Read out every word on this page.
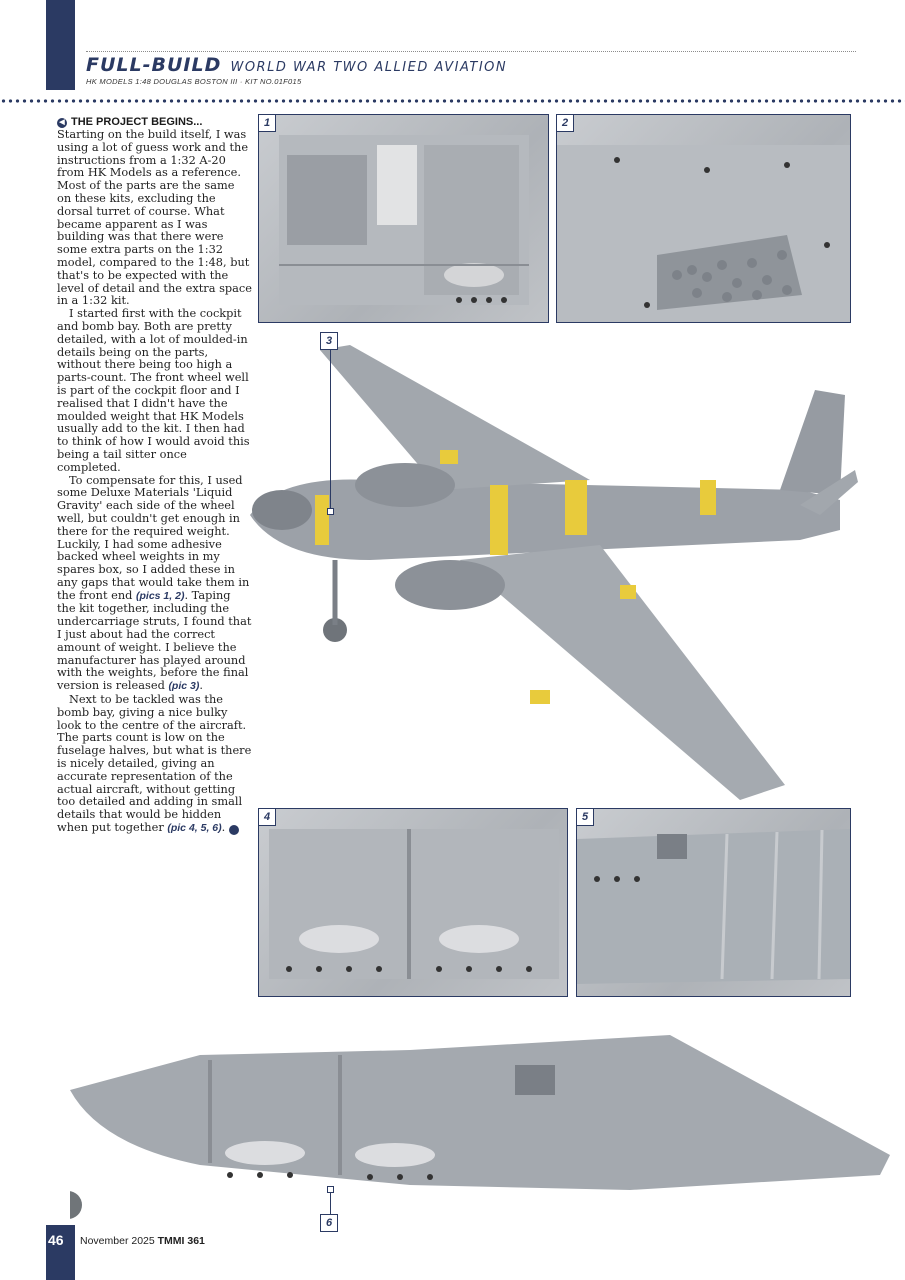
FULL-BUILD WORLD WAR TWO ALLIED AVIATION
HK MODELS 1:48 DOUGLAS BOSTON III · KIT NO.01F015
◀ THE PROJECT BEGINS...

Starting on the build itself, I was using a lot of guess work and the instructions from a 1:32 A-20 from HK Models as a reference. Most of the parts are the same on these kits, excluding the dorsal turret of course. What became apparent as I was building was that there were some extra parts on the 1:32 model, compared to the 1:48, but that's to be expected with the level of detail and the extra space in a 1:32 kit.

I started first with the cockpit and bomb bay. Both are pretty detailed, with a lot of moulded-in details being on the parts, without there being too high a parts-count. The front wheel well is part of the cockpit floor and I realised that I didn't have the moulded weight that HK Models usually add to the kit. I then had to think of how I would avoid this being a tail sitter once completed.

To compensate for this, I used some Deluxe Materials 'Liquid Gravity' each side of the wheel well, but couldn't get enough in there for the required weight. Luckily, I had some adhesive backed wheel weights in my spares box, so I added these in any gaps that would take them in the front end (pics 1, 2). Taping the kit together, including the undercarriage struts, I found that I just about had the correct amount of weight. I believe the manufacturer has played around with the weights, before the final version is released (pic 3).

Next to be tackled was the bomb bay, giving a nice bulky look to the centre of the aircraft. The parts count is low on the fuselage halves, but what is there is nicely detailed, giving an accurate representation of the actual aircraft, without getting too detailed and adding in small details that would be hidden when put together (pic 4, 5, 6). ▶

1	2
3
4	5
6
46 November 2025 TMMI 361
